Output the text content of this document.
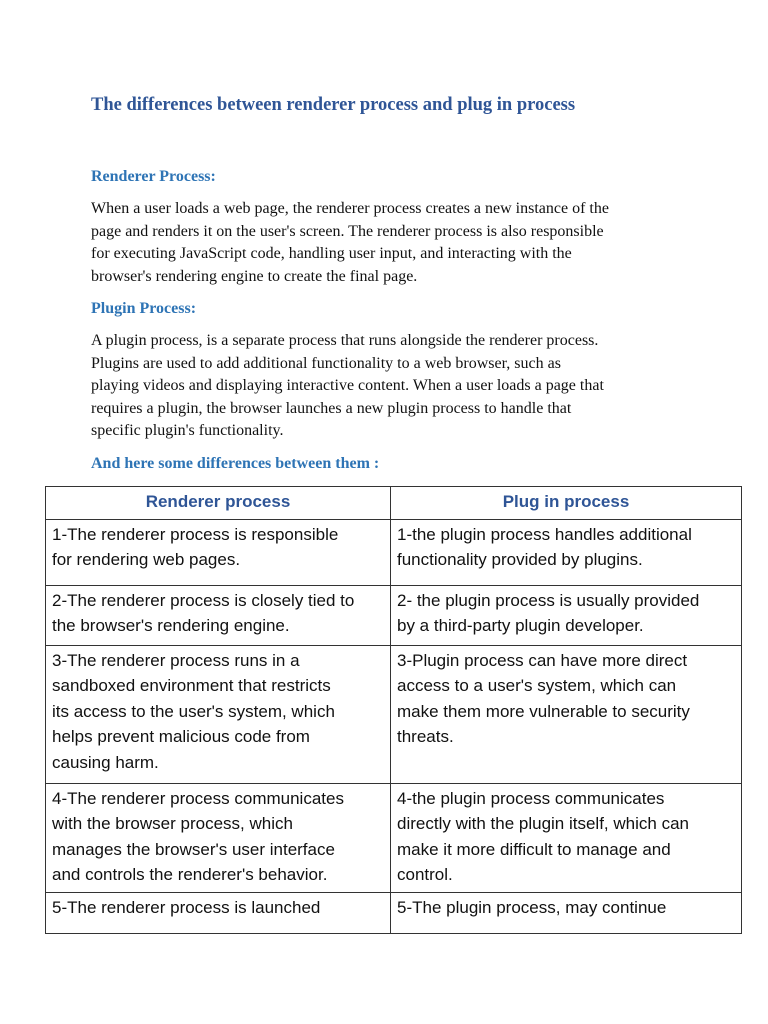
The differences between renderer process and plug in process
Renderer Process:

When a user loads a web page, the renderer process creates a new instance of the
page and renders it on the user's screen. The renderer process is also responsible
for executing JavaScript code, handling user input, and interacting with the
browser's rendering engine to create the final page.

Plugin Process:

A plugin process, is a separate process that runs alongside the renderer process.
Plugins are used to add additional functionality to a web browser, such as
playing videos and displaying interactive content. When a user loads a page that
requires a plugin, the browser launches a new plugin process to handle that
specific plugin's functionality.

And here some differences between them :
Renderer process	Plug in process

1-The renderer process is responsible
for rendering web pages.	1-the plugin process handles additional
functionality provided by plugins.

2-The renderer process is closely tied to
the browser's rendering engine.	2- the plugin process is usually provided
by a third-party plugin developer.

3-The renderer process runs in a
sandboxed environment that restricts
its access to the user's system, which
helps prevent malicious code from
causing harm.	3-Plugin process can have more direct
access to a user's system, which can
make them more vulnerable to security
threats.

4-The renderer process communicates
with the browser process, which
manages the browser's user interface
and controls the renderer's behavior.	4-the plugin process communicates
directly with the plugin itself, which can
make it more difficult to manage and
control.

5-The renderer process is launched	5-The plugin process, may continue
